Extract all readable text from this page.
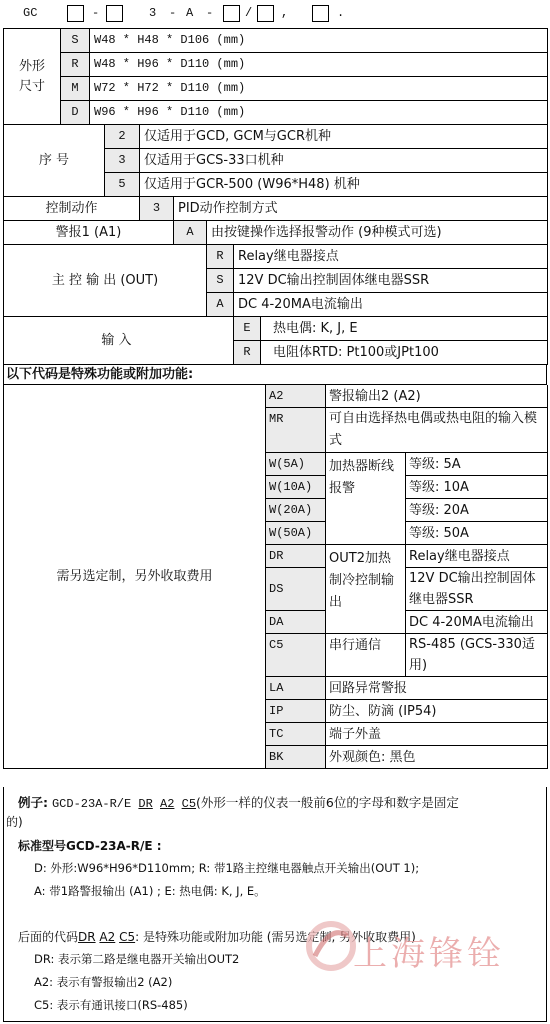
GC	-	3 - A -	/ ,	.
外形尺寸	S	W48 * H48 * D106 (mm)					
	R	W48 * H96 * D110 (mm)					
	M	W72 * H72 * D110 (mm)					
	D	W96 * H96 * D110 (mm)					
序 号			2	仅适用于GCD, GCM与GCR机种			
			3	仅适用于GCS-33口机种			
			5	仅适用于GCR-500 (W96*H48) 机种			
控制动作				3	PID动作控制方式		
警报1 (A1)					A	由按键操作选择报警动作 (9种模式可选)	
主 控 输 出 (OUT)						R	Relay继电器接点
						S	12V DC输出控制固体继电器SSR
						A	DC 4-20MA电流输出

输 入							E 热电偶: K, J, E

							R 电阻体RTD: Pt100或JPt100
以下代码是特殊功能或附加功能:
需另选定制，另外收取费用	A2	警报输出2 (A2)	
	MR	可自由选择热电偶或热电阻的输入模式	

	W(5A)	加热器断线报警	等级: 5A
	W(10A)		等级: 10A
	W(20A)		等级: 20A
	W(50A)		等级: 50A
	DR	OUT2加热制冷控制输出	Relay继电器接点
	DS		12V DC输出控制固体继电器SSR

	DA		DC 4-20MA电流输出
	C5	串行通信	RS-485 (GCS-330适用)

	LA	回路异常警报	
	IP	防尘、防滴 (IP54)	
	TC	端子外盖	
	BK	外观颜色: 黑色	
例子: GCD-23A-R/E DR A2 C5(外形一样的仪表一般前6位的字母和数字是固定
的)
标准型号GCD-23A-R/E :
D: 外形:W96*H96*D110mm; R: 带1路主控继电器触点开关输出(OUT 1);
A: 带1路警报输出 (A1) ; E: 热电偶: K, J, E。
后面的代码DR A2 C5: 是特殊功能或附加功能 (需另选定制, 另外收取费用)
DR: 表示第二路是继电器开关输出OUT2
A2: 表示有警报输出2 (A2)
C5: 表示有通讯接口(RS-485)
上海锋铨
